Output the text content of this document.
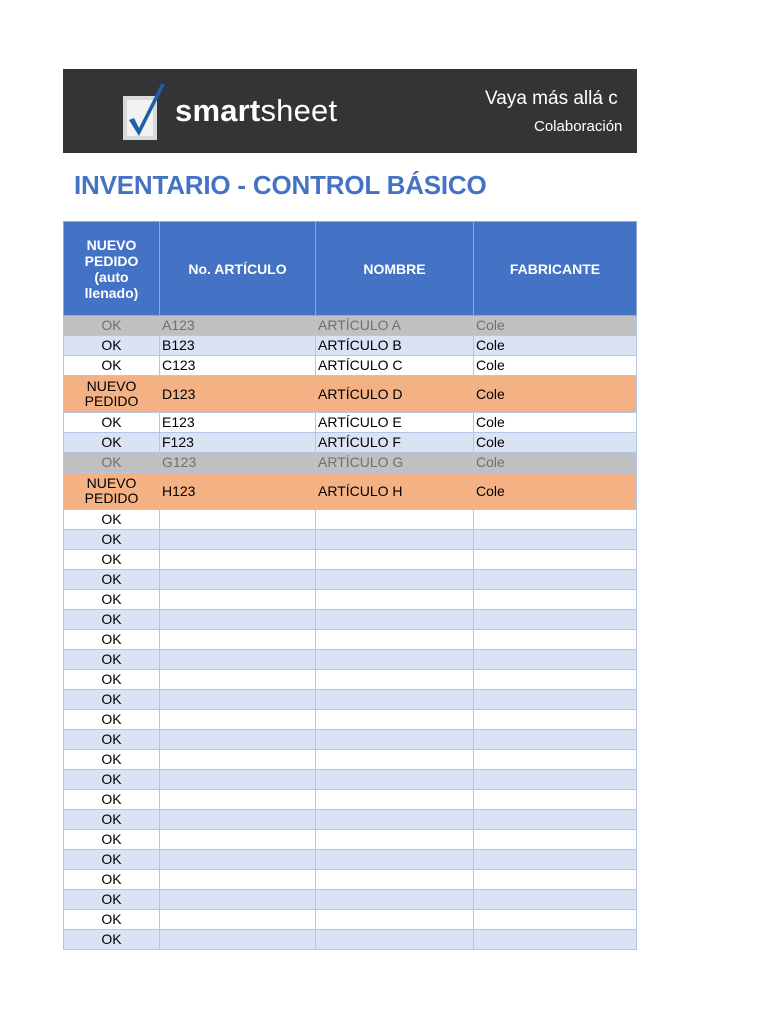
smartsheet	Vaya más allá c
Colaboración
INVENTARIO - CONTROL BÁSICO
NUEVO PEDIDO (auto llenado)	No. ARTÍCULO	NOMBRE	FABRICANTE
OK	A123	ARTÍCULO A	Cole
OK	B123	ARTÍCULO B	Cole
OK	C123	ARTÍCULO C	Cole
NUEVO PEDIDO	D123	ARTÍCULO D	Cole
OK	E123	ARTÍCULO E	Cole
OK	F123	ARTÍCULO F	Cole
OK	G123	ARTÍCULO G	Cole
NUEVO PEDIDO	H123	ARTÍCULO H	Cole
OK			
OK			
OK			
OK			
OK			
OK			
OK			
OK			
OK			
OK			
OK			
OK			
OK			
OK			
OK			
OK			
OK			
OK			
OK			
OK			
OK			
OK			
